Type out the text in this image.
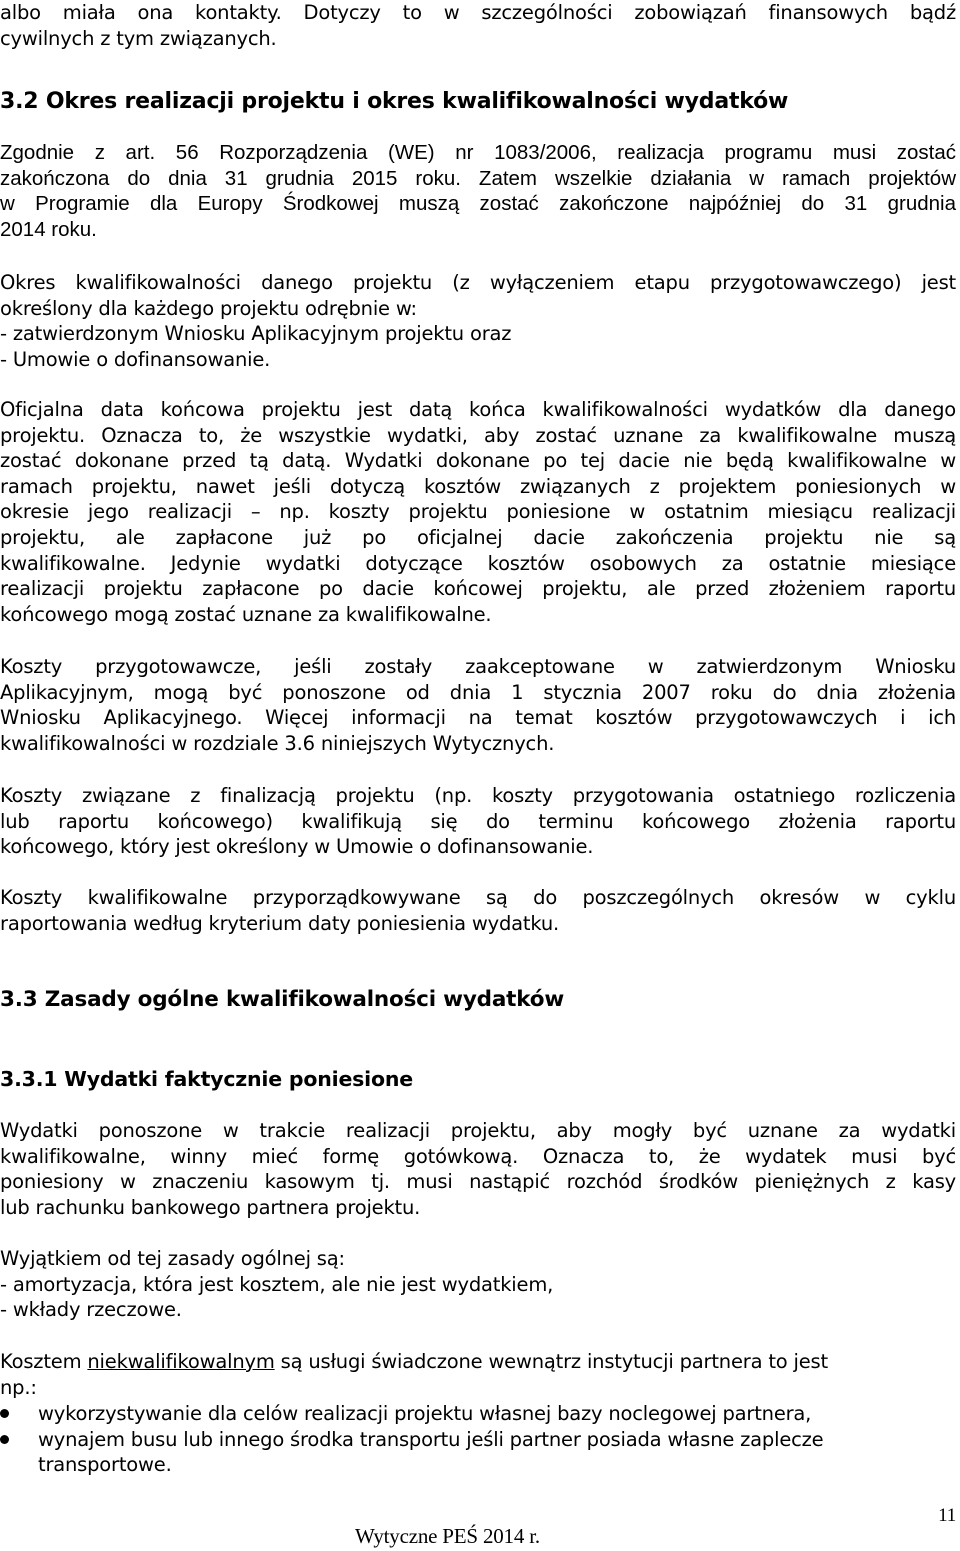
albo miała ona kontakty. Dotyczy to w szczególności zobowiązań finansowych bądź
cywilnych z tym związanych.

3.2 Okres realizacji projektu i okres kwalifikowalności wydatków

Zgodnie z art. 56 Rozporządzenia (WE) nr 1083/2006, realizacja programu musi zostać
zakończona do dnia 31 grudnia 2015 roku. Zatem wszelkie działania w ramach projektów
w Programie dla Europy Środkowej muszą zostać zakończone najpóźniej do 31 grudnia
2014 roku.

Okres kwalifikowalności danego projektu (z wyłączeniem etapu przygotowawczego) jest
określony dla każdego projektu odrębnie w:
- zatwierdzonym Wniosku Aplikacyjnym projektu oraz
- Umowie o dofinansowanie.

Oficjalna data końcowa projektu jest datą końca kwalifikowalności wydatków dla danego
projektu. Oznacza to, że wszystkie wydatki, aby zostać uznane za kwalifikowalne muszą
zostać dokonane przed tą datą. Wydatki dokonane po tej dacie nie będą kwalifikowalne w
ramach projektu, nawet jeśli dotyczą kosztów związanych z projektem poniesionych w
okresie jego realizacji – np. koszty projektu poniesione w ostatnim miesiącu realizacji
projektu, ale zapłacone już po oficjalnej dacie zakończenia projektu nie są
kwalifikowalne. Jedynie wydatki dotyczące kosztów osobowych za ostatnie miesiące
realizacji projektu zapłacone po dacie końcowej projektu, ale przed złożeniem raportu
końcowego mogą zostać uznane za kwalifikowalne.

Koszty przygotowawcze, jeśli zostały zaakceptowane w zatwierdzonym Wniosku
Aplikacyjnym, mogą być ponoszone od dnia 1 stycznia 2007 roku do dnia złożenia
Wniosku Aplikacyjnego. Więcej informacji na temat kosztów przygotowawczych i ich
kwalifikowalności w rozdziale 3.6 niniejszych Wytycznych.

Koszty związane z finalizacją projektu (np. koszty przygotowania ostatniego rozliczenia
lub raportu końcowego) kwalifikują się do terminu końcowego złożenia raportu
końcowego, który jest określony w Umowie o dofinansowanie.

Koszty kwalifikowalne przyporządkowywane są do poszczególnych okresów w cyklu
raportowania według kryterium daty poniesienia wydatku.

3.3 Zasady ogólne kwalifikowalności wydatków
3.3.1 Wydatki faktycznie poniesione

Wydatki ponoszone w trakcie realizacji projektu, aby mogły być uznane za wydatki
kwalifikowalne, winny mieć formę gotówkową. Oznacza to, że wydatek musi być
poniesiony w znaczeniu kasowym tj. musi nastąpić rozchód środków pieniężnych z kasy
lub rachunku bankowego partnera projektu.

Wyjątkiem od tej zasady ogólnej są:
- amortyzacja, która jest kosztem, ale nie jest wydatkiem,
- wkłady rzeczowe.

Kosztem niekwalifikowalnym są usługi świadczone wewnątrz instytucji partnera to jest
np.:

wykorzystywanie dla celów realizacji projektu własnej bazy noclegowej partnera,
wynajem busu lub innego środka transportu jeśli partner posiada własne zaplecze
transportowe.
11
Wytyczne PEŚ 2014 r.
